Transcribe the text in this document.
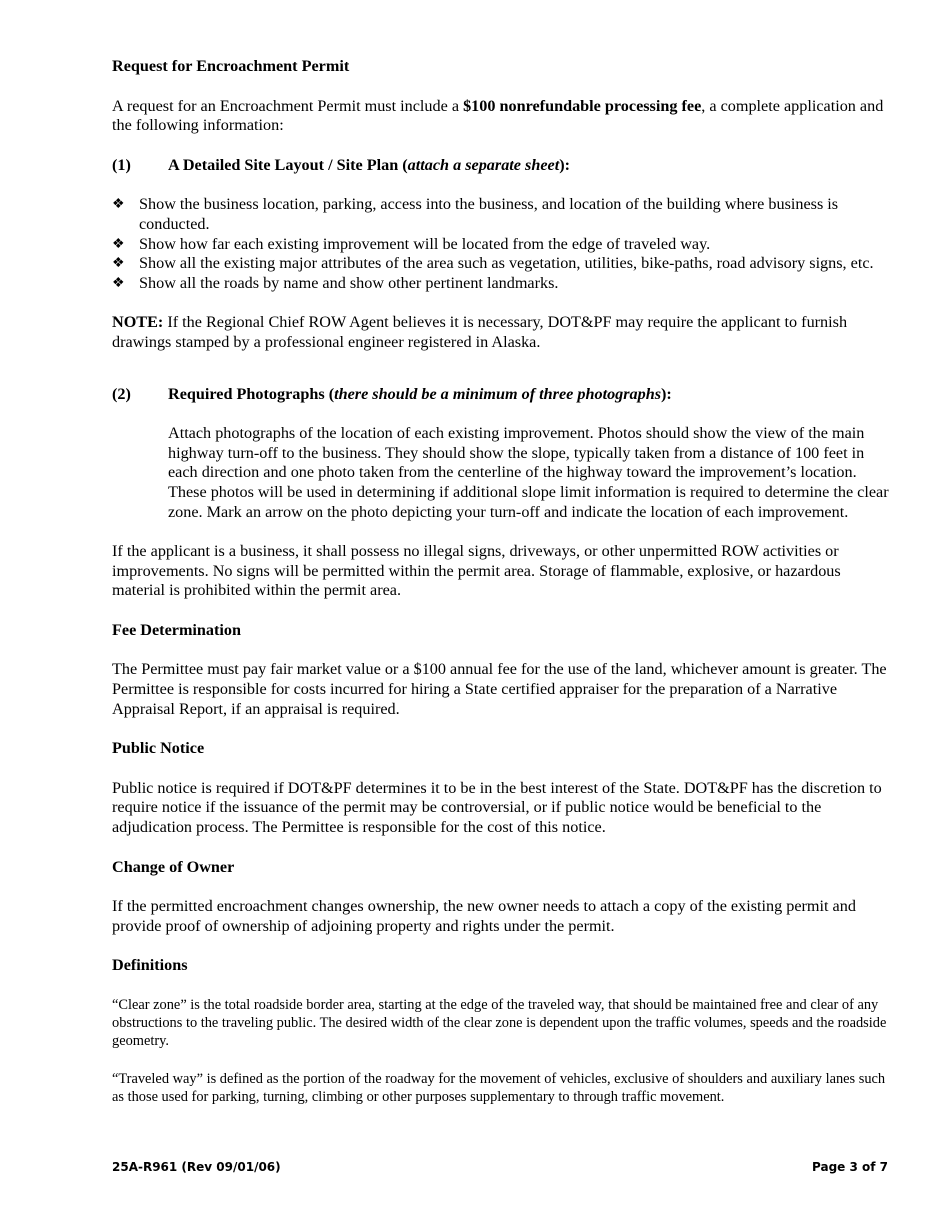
Request for Encroachment Permit

A request for an Encroachment Permit must include a $100 nonrefundable processing fee, a complete application and the following information:

(1)	A Detailed Site Layout / Site Plan (attach a separate sheet):
❖ Show the business location, parking, access into the business, and location of the building where business is conducted.
❖ Show how far each existing improvement will be located from the edge of traveled way.
❖ Show all the existing major attributes of the area such as vegetation, utilities, bike-paths, road advisory signs, etc.
❖ Show all the roads by name and show other pertinent landmarks.

NOTE: If the Regional Chief ROW Agent believes it is necessary, DOT&PF may require the applicant to furnish drawings stamped by a professional engineer registered in Alaska.

(2)	Required Photographs (there should be a minimum of three photographs):

Attach photographs of the location of each existing improvement. Photos should show the view of the main highway turn-off to the business. They should show the slope, typically taken from a distance of 100 feet in each direction and one photo taken from the centerline of the highway toward the improvement’s location. These photos will be used in determining if additional slope limit information is required to determine the clear zone. Mark an arrow on the photo depicting your turn-off and indicate the location of each improvement.

If the applicant is a business, it shall possess no illegal signs, driveways, or other unpermitted ROW activities or improvements. No signs will be permitted within the permit area. Storage of flammable, explosive, or hazardous material is prohibited within the permit area.

Fee Determination

The Permittee must pay fair market value or a $100 annual fee for the use of the land, whichever amount is greater. The Permittee is responsible for costs incurred for hiring a State certified appraiser for the preparation of a Narrative Appraisal Report, if an appraisal is required.

Public Notice

Public notice is required if DOT&PF determines it to be in the best interest of the State. DOT&PF has the discretion to require notice if the issuance of the permit may be controversial, or if public notice would be beneficial to the adjudication process. The Permittee is responsible for the cost of this notice.

Change of Owner

If the permitted encroachment changes ownership, the new owner needs to attach a copy of the existing permit and provide proof of ownership of adjoining property and rights under the permit.

Definitions

“Clear zone” is the total roadside border area, starting at the edge of the traveled way, that should be maintained free and clear of any obstructions to the traveling public. The desired width of the clear zone is dependent upon the traffic volumes, speeds and the roadside geometry.

“Traveled way” is defined as the portion of the roadway for the movement of vehicles, exclusive of shoulders and auxiliary lanes such as those used for parking, turning, climbing or other purposes supplementary to through traffic movement.

25A-R961 (Rev 09/01/06)	Page 3 of 7
